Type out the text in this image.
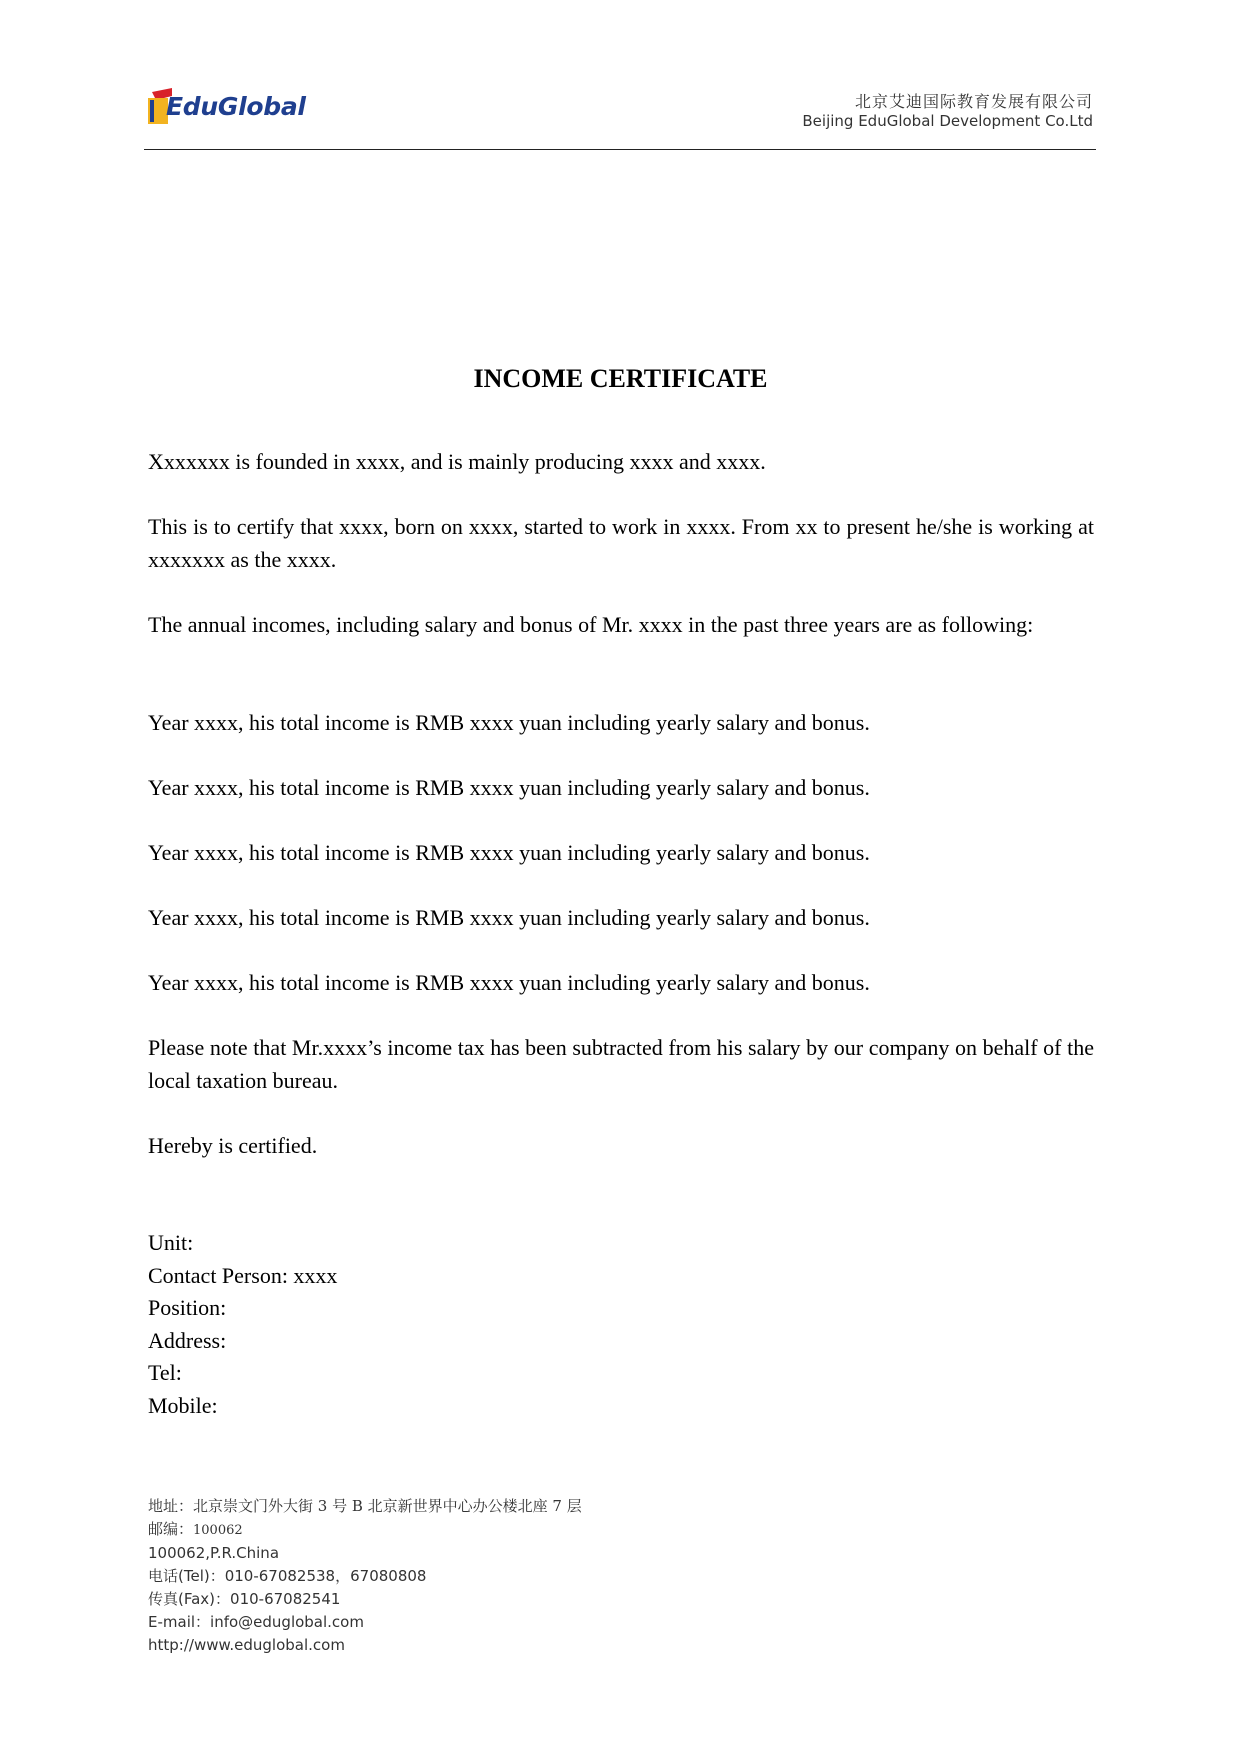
EduGlobal	北京艾迪国际教育发展有限公司
Beijing EduGlobal Development Co.Ltd
INCOME CERTIFICATE

Xxxxxxx is founded in xxxx, and is mainly producing xxxx and xxxx.

This is to certify that xxxx, born on xxxx, started to work in xxxx. From xx to present he/she is working at xxxxxxx as the xxxx.

The annual incomes, including salary and bonus of Mr. xxxx in the past three years are as following:

Year xxxx, his total income is RMB xxxx yuan including yearly salary and bonus.

Year xxxx, his total income is RMB xxxx yuan including yearly salary and bonus.

Year xxxx, his total income is RMB xxxx yuan including yearly salary and bonus.

Year xxxx, his total income is RMB xxxx yuan including yearly salary and bonus.

Year xxxx, his total income is RMB xxxx yuan including yearly salary and bonus.

Please note that Mr.xxxx’s income tax has been subtracted from his salary by our company on behalf of the local taxation bureau.

Hereby is certified.

Unit:
Contact Person: xxxx
Position:
Address:
Tel:
Mobile:
地址：北京崇文门外大街 3 号 B 北京新世界中心办公楼北座 7 层
邮编：100062
100062,P.R.China
电话(Tel)：010-67082538，67080808
传真(Fax)：010-67082541
E-mail：info@eduglobal.com
http://www.eduglobal.com
